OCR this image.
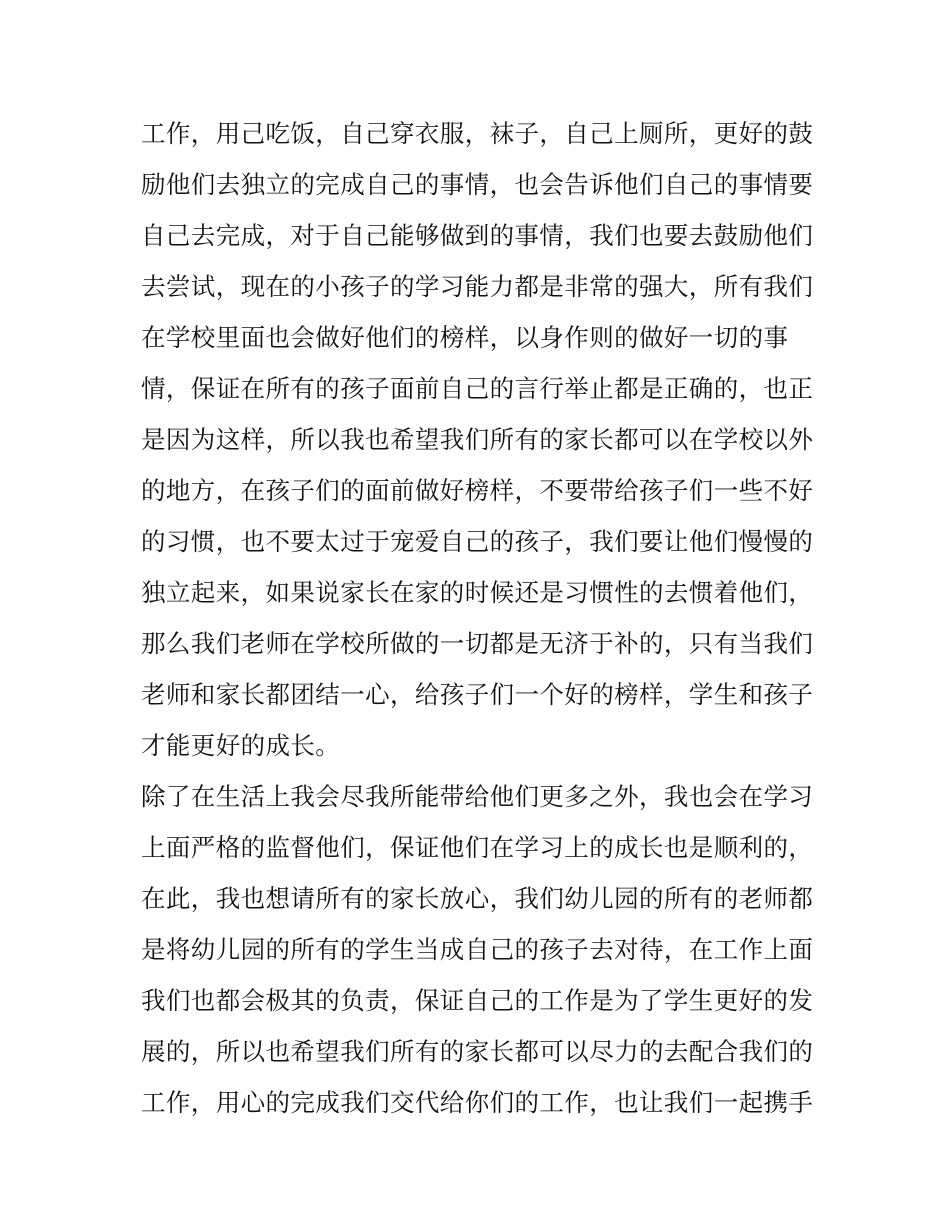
工作，用己吃饭，自己穿衣服，袜子，自己上厕所，更好的鼓
励他们去独立的完成自己的事情，也会告诉他们自己的事情要
自己去完成，对于自己能够做到的事情，我们也要去鼓励他们
去尝试，现在的小孩子的学习能力都是非常的强大，所有我们
在学校里面也会做好他们的榜样，以身作则的做好一切的事
情，保证在所有的孩子面前自己的言行举止都是正确的，也正
是因为这样，所以我也希望我们所有的家长都可以在学校以外
的地方，在孩子们的面前做好榜样，不要带给孩子们一些不好
的习惯，也不要太过于宠爱自己的孩子，我们要让他们慢慢的
独立起来，如果说家长在家的时候还是习惯性的去惯着他们，
那么我们老师在学校所做的一切都是无济于补的，只有当我们
老师和家长都团结一心，给孩子们一个好的榜样，学生和孩子
才能更好的成长。
除了在生活上我会尽我所能带给他们更多之外，我也会在学习
上面严格的监督他们，保证他们在学习上的成长也是顺利的，
在此，我也想请所有的家长放心，我们幼儿园的所有的老师都
是将幼儿园的所有的学生当成自己的孩子去对待，在工作上面
我们也都会极其的负责，保证自己的工作是为了学生更好的发
展的，所以也希望我们所有的家长都可以尽力的去配合我们的
工作，用心的完成我们交代给你们的工作，也让我们一起携手
